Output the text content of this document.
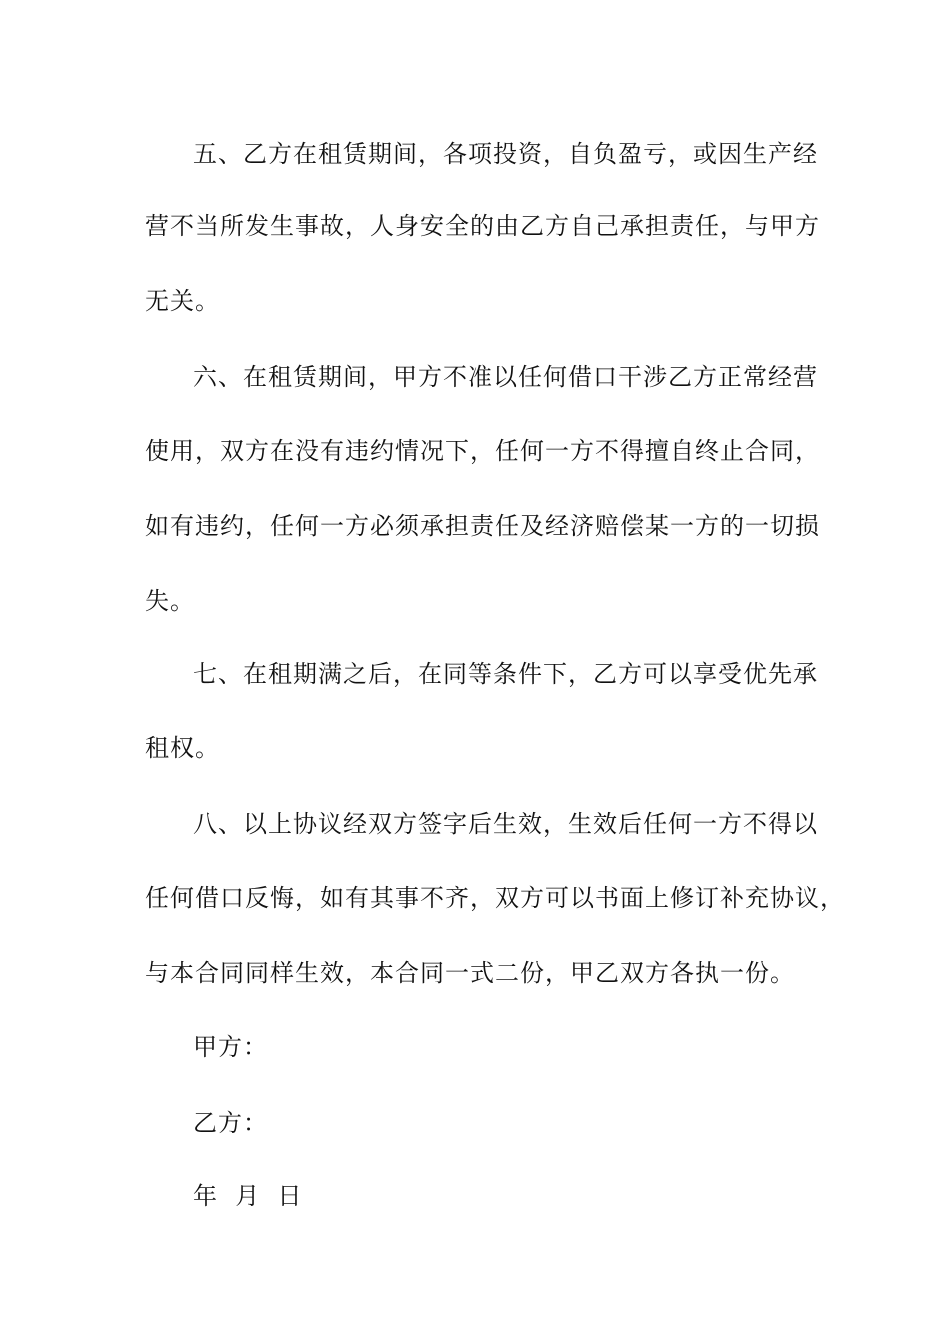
五、乙方在租赁期间，各项投资，自负盈亏，或因生产经
营不当所发生事故，人身安全的由乙方自己承担责任，与甲方
无关。
六、在租赁期间，甲方不准以任何借口干涉乙方正常经营
使用，双方在没有违约情况下，任何一方不得擅自终止合同，
如有违约，任何一方必须承担责任及经济赔偿某一方的一切损
失。
七、在租期满之后，在同等条件下，乙方可以享受优先承
租权。
八、以上协议经双方签字后生效，生效后任何一方不得以
任何借口反悔，如有其事不齐，双方可以书面上修订补充协议，
与本合同同样生效，本合同一式二份，甲乙双方各执一份。
甲方：
乙方：
年  月  日
